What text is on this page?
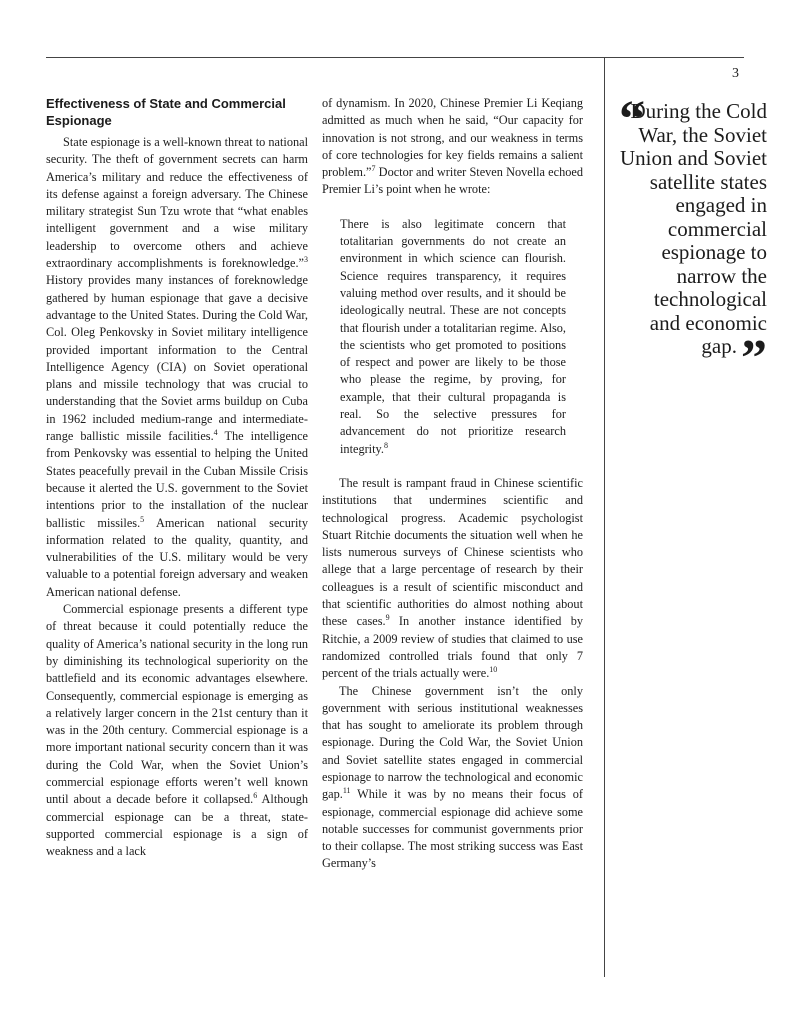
3
Effectiveness of State and Commercial Espionage

State espionage is a well-known threat to national security. The theft of government secrets can harm America’s military and reduce the effectiveness of its defense against a foreign adversary. The Chinese military strategist Sun Tzu wrote that “what enables intelligent government and a wise military leadership to overcome others and achieve extraordinary accomplishments is foreknowledge.”$^3$ History provides many instances of foreknowledge gathered by human espionage that gave a decisive advantage to the United States. During the Cold War, Col. Oleg Penkovsky in Soviet military intelligence provided important information to the Central Intelligence Agency (CIA) on Soviet operational plans and missile technology that was crucial to understanding that the Soviet arms buildup on Cuba in 1962 included medium-range and intermediate-range ballistic missile facilities.$^4$ The intelligence from Penkovsky was essential to helping the United States peacefully prevail in the Cuban Missile Crisis because it alerted the U.S. government to the Soviet intentions prior to the installation of the nuclear ballistic missiles.$^5$ American national security information related to the quality, quantity, and vulnerabilities of the U.S. military would be very valuable to a potential foreign adversary and weaken American national defense.

Commercial espionage presents a different type of threat because it could potentially reduce the quality of America’s national security in the long run by diminishing its technological superiority on the battlefield and its economic advantages elsewhere. Consequently, commercial espionage is emerging as a relatively larger concern in the 21st century than it was in the 20th century. Commercial espionage is a more important national security concern than it was during the Cold War, when the Soviet Union’s commercial espionage efforts weren’t well known until about a decade before it collapsed.$^6$ Although commercial espionage can be a threat, state-supported commercial espionage is a sign of weakness and a lack

of dynamism. In 2020, Chinese Premier Li Keqiang admitted as much when he said, “Our capacity for innovation is not strong, and our weakness in terms of core technologies for key fields remains a salient problem.”$^7$ Doctor and writer Steven Novella echoed Premier Li’s point when he wrote:

There is also legitimate concern that totalitarian governments do not create an environment in which science can flourish. Science requires transparency, it requires valuing method over results, and it should be ideologically neutral. These are not concepts that flourish under a totalitarian regime. Also, the scientists who get promoted to positions of respect and power are likely to be those who please the regime, by proving, for example, that their cultural propaganda is real. So the selective pressures for advancement do not prioritize research integrity.$^8$

The result is rampant fraud in Chinese scientific institutions that undermines scientific and technological progress. Academic psychologist Stuart Ritchie documents the situation well when he lists numerous surveys of Chinese scientists who allege that a large percentage of research by their colleagues is a result of scientific misconduct and that scientific authorities do almost nothing about these cases.$^9$ In another instance identified by Ritchie, a 2009 review of studies that claimed to use randomized controlled trials found that only 7 percent of the trials actually were.$^{10}$

The Chinese government isn’t the only government with serious institutional weaknesses that has sought to ameliorate its problem through espionage. During the Cold War, the Soviet Union and Soviet satellite states engaged in commercial espionage to narrow the technological and economic gap.$^{11}$ While it was by no means their focus of espionage, commercial espionage did achieve some notable successes for communist governments prior to their collapse. The most striking success was East Germany’s

“
During the Cold War, the Soviet Union and Soviet satellite states engaged in commercial espionage to narrow the technological and economic gap.”
